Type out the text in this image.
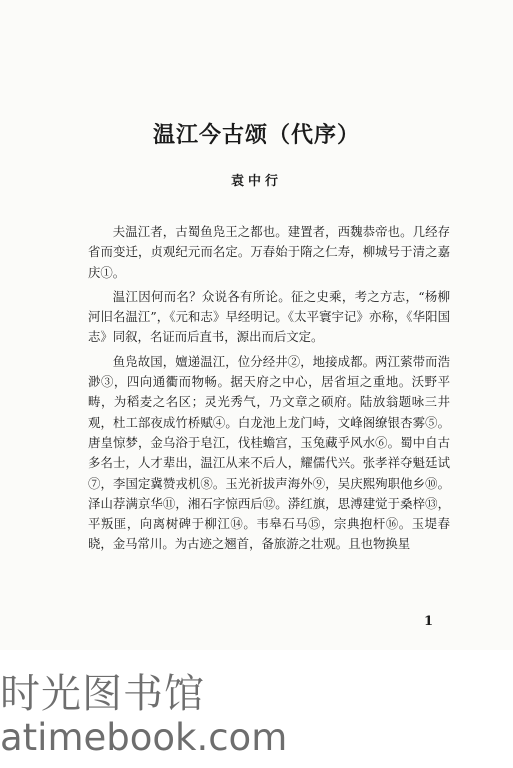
温江今古颂（代序）
袁中行

夫温江者，古蜀鱼凫王之都也。建置者，西魏恭帝也。几经存省而变迁，贞观纪元而名定。万春始于隋之仁寿，柳城号于清之嘉庆①。

温江因何而名？众说各有所论。征之史乘，考之方志，“杨柳河旧名温江”，《元和志》早经明记。《太平寰宇记》亦称，《华阳国志》同叙，名证而后直书，源出而后文定。

鱼凫故国，嬗递温江，位分经井②，地接成都。两江萦带而浩渺③，四向通衢而物畅。据天府之中心，居省垣之重地。沃野平畴，为稻麦之名区；灵光秀气，乃文章之硕府。陆放翁题咏三井观，杜工部夜成竹桥赋④。白龙池上龙门峙，文峰阁缭银杏雾⑤。唐皇惊梦，金乌浴于皂江，伐桂蟾宫，玉兔藏乎风水⑥。蜀中自古多名士，人才辈出，温江从来不后人，耀儒代兴。张孝祥夺魁廷试⑦，李国定冀赞戎机⑧。玉光祈拔声海外⑨，吴庆熙殉职他乡⑩。泽山荐满京华⑪，湘石字惊西后⑫。漭红旗，思溥建觉于桑梓⑬，平叛匪，向离树碑于柳江⑭。韦皋石马⑮，宗典抱杆⑯。玉堤春晓，金马常川。为古迹之翘首，备旅游之壮观。且也物换星

1
时光图书馆
atimebook.com
